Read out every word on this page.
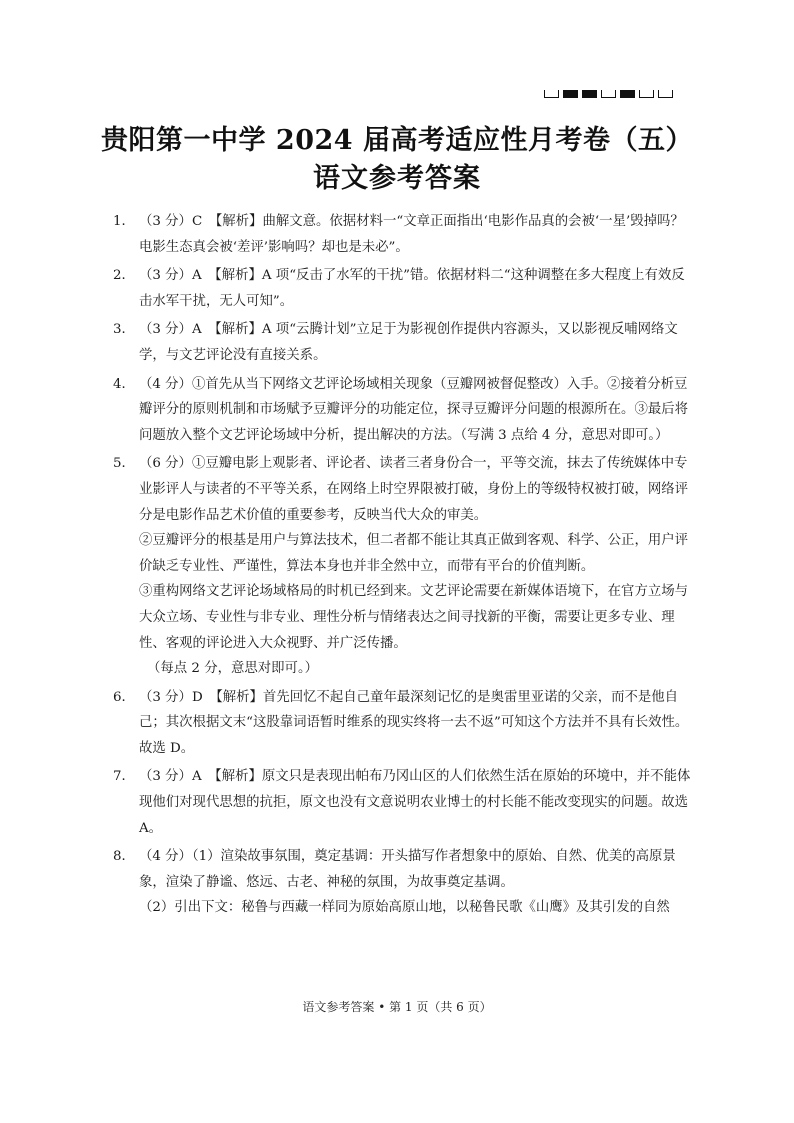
贵阳第一中学 2024 届高考适应性月考卷（五）
语文参考答案
1． （3 分）C　【解析】曲解文意。依据材料一“文章正面指出‘电影作品真的会被‘一星’毁掉吗？电影生态真会被‘差评’影响吗？却也是未必”。

2． （3 分）A　【解析】A 项“反击了水军的干扰”错。依据材料二“这种调整在多大程度上有效反击水军干扰，无人可知”。

3． （3 分）A　【解析】A 项“云腾计划”立足于为影视创作提供内容源头，又以影视反哺网络文学，与文艺评论没有直接关系。

4． （4 分）①首先从当下网络文艺评论场域相关现象（豆瓣网被督促整改）入手。②接着分析豆瓣评分的原则机制和市场赋予豆瓣评分的功能定位，探寻豆瓣评分问题的根源所在。③最后将问题放入整个文艺评论场域中分析，提出解决的方法。（写满 3 点给 4 分，意思对即可。）

5． （6 分）①豆瓣电影上观影者、评论者、读者三者身份合一，平等交流，抹去了传统媒体中专业影评人与读者的不平等关系，在网络上时空界限被打破，身份上的等级特权被打破，网络评分是电影作品艺术价值的重要参考，反映当代大众的审美。

②豆瓣评分的根基是用户与算法技术，但二者都不能让其真正做到客观、科学、公正，用户评价缺乏专业性、严谨性，算法本身也并非全然中立，而带有平台的价值判断。

③重构网络文艺评论场域格局的时机已经到来。文艺评论需要在新媒体语境下，在官方立场与大众立场、专业性与非专业、理性分析与情绪表达之间寻找新的平衡，需要让更多专业、理性、客观的评论进入大众视野、并广泛传播。

（每点 2 分，意思对即可。）

6． （3 分）D　【解析】首先回忆不起自己童年最深刻记忆的是奥雷里亚诺的父亲，而不是他自己；其次根据文末“这股靠词语暂时维系的现实终将一去不返”可知这个方法并不具有长效性。故选 D。

7． （3 分）A　【解析】原文只是表现出帕布乃冈山区的人们依然生活在原始的环境中，并不能体现他们对现代思想的抗拒，原文也没有文意说明农业博士的村长能不能改变现实的问题。故选 A。

8． （4 分）（1）渲染故事氛围，奠定基调：开头描写作者想象中的原始、自然、优美的高原景象，渲染了静谧、悠远、古老、神秘的氛围，为故事奠定基调。

（2）引出下文：秘鲁与西藏一样同为原始高原山地，以秘鲁民歌《山鹰》及其引发的自然

语文参考答案 • 第 1 页（共 6 页）
